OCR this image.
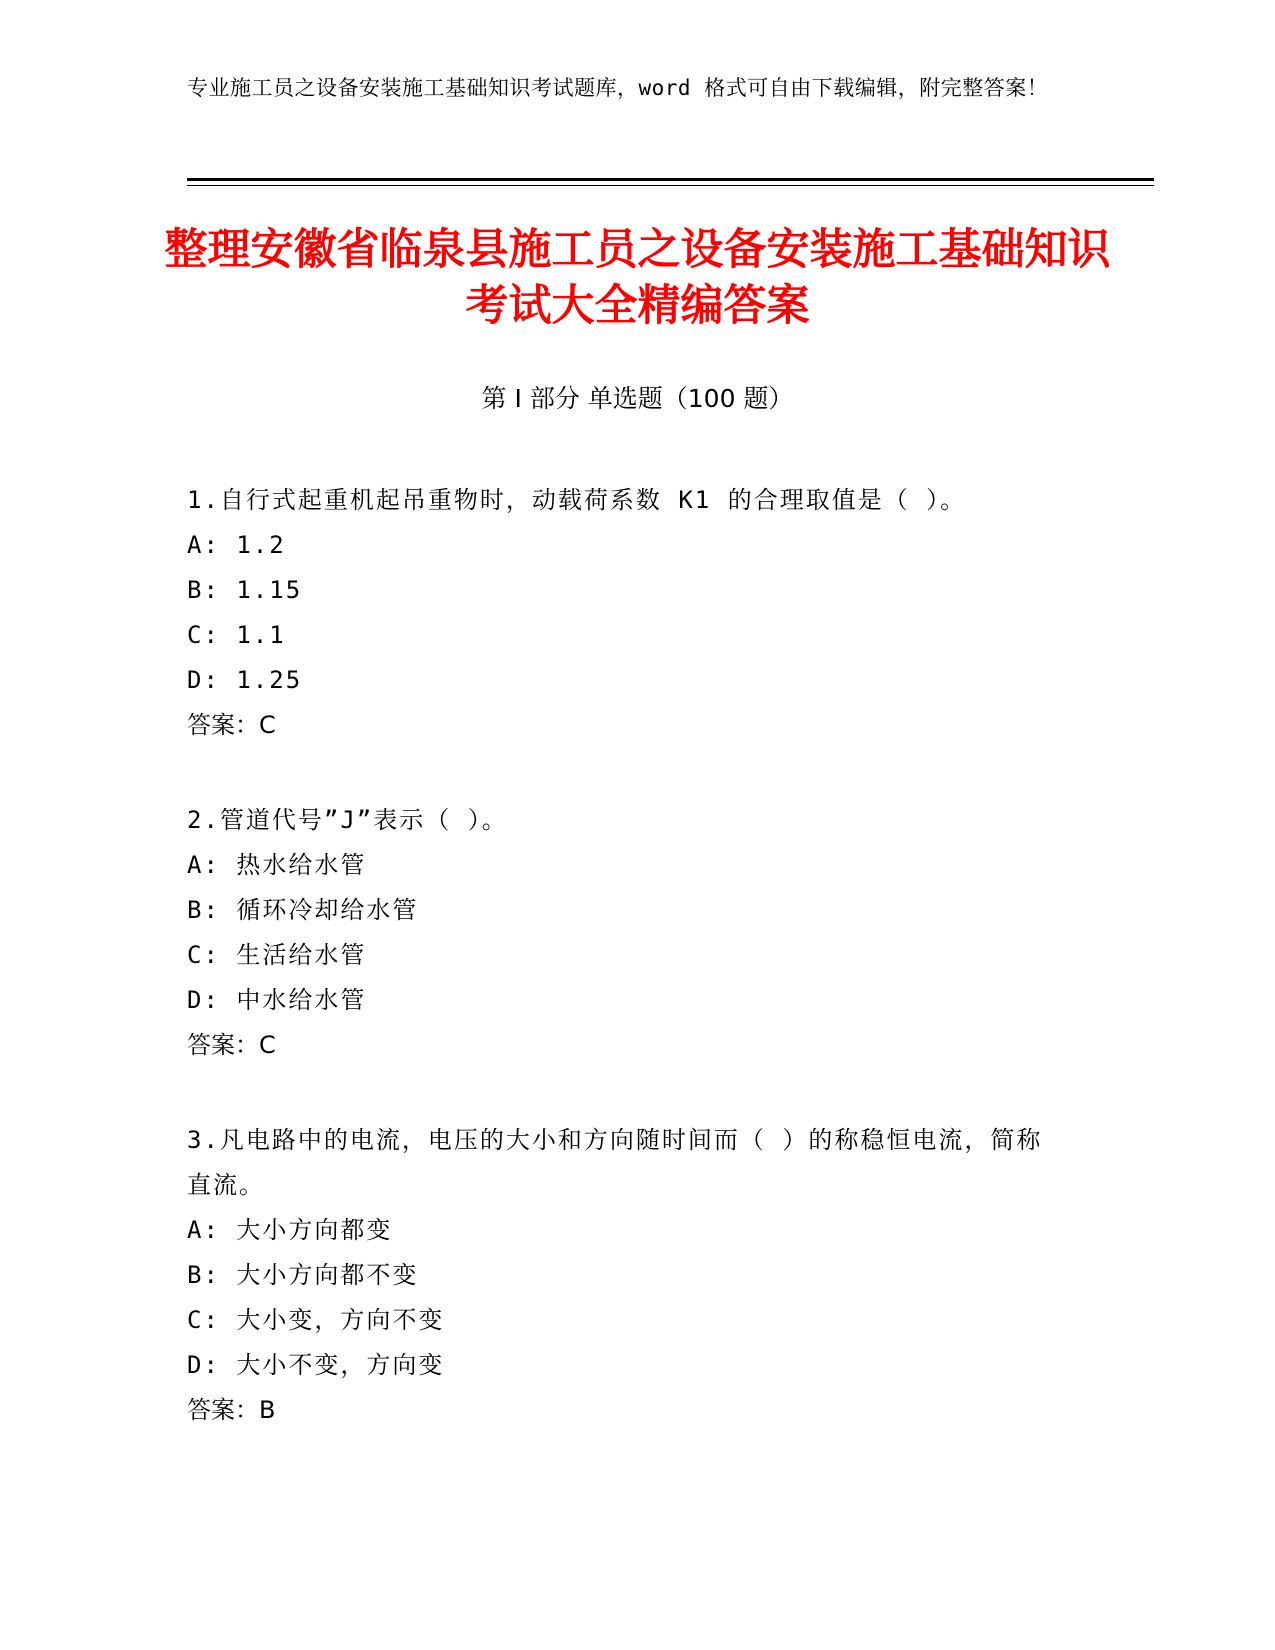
专业施工员之设备安装施工基础知识考试题库，word 格式可自由下载编辑，附完整答案！
整理安徽省临泉县施工员之设备安装施工基础知识考试大全精编答案
第 I 部分 单选题（100 题）
1.自行式起重机起吊重物时，动载荷系数 K1 的合理取值是（ ）。
A: 1.2
B: 1.15
C: 1.1
D: 1.25
答案：C
2.管道代号”J”表示（ ）。
A: 热水给水管
B: 循环冷却给水管
C: 生活给水管
D: 中水给水管
答案：C
3.凡电路中的电流，电压的大小和方向随时间而（ ）的称稳恒电流，简称直流。
A: 大小方向都变
B: 大小方向都不变
C: 大小变，方向不变
D: 大小不变，方向变
答案：B
